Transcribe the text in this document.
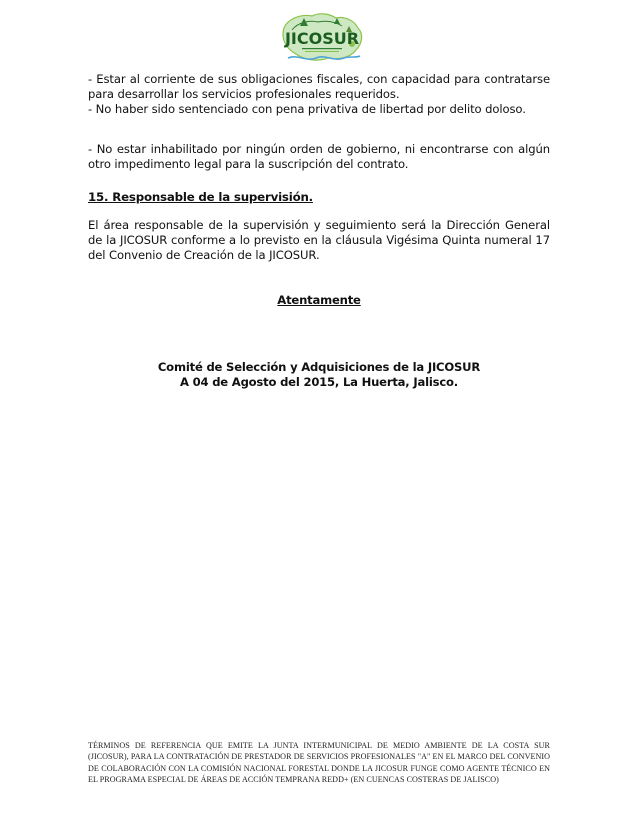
JICOSUR

- Estar al corriente de sus obligaciones fiscales, con capacidad para contratarse para desarrollar los servicios profesionales requeridos.

- No haber sido sentenciado con pena privativa de libertad por delito doloso.

- No estar inhabilitado por ningún orden de gobierno, ni encontrarse con algún otro impedimento legal para la suscripción del contrato.

15. Responsable de la supervisión.

El área responsable de la supervisión y seguimiento será la Dirección General de la JICOSUR conforme a lo previsto en la cláusula Vigésima Quinta numeral 17 del Convenio de Creación de la JICOSUR.

Atentamente

Comité de Selección y Adquisiciones de la JICOSUR

A 04 de Agosto del 2015, La Huerta, Jalisco.

TÉRMINOS DE REFERENCIA QUE EMITE LA JUNTA INTERMUNICIPAL DE MEDIO AMBIENTE DE LA COSTA SUR (JICOSUR), PARA LA CONTRATACIÓN DE PRESTADOR DE SERVICIOS PROFESIONALES "A" EN EL MARCO DEL CONVENIO DE COLABORACIÓN CON LA COMISIÓN NACIONAL FORESTAL DONDE LA JICOSUR FUNGE COMO AGENTE TÉCNICO EN EL PROGRAMA ESPECIAL DE ÁREAS DE ACCIÓN TEMPRANA REDD+ (EN CUENCAS COSTERAS DE JALISCO)
